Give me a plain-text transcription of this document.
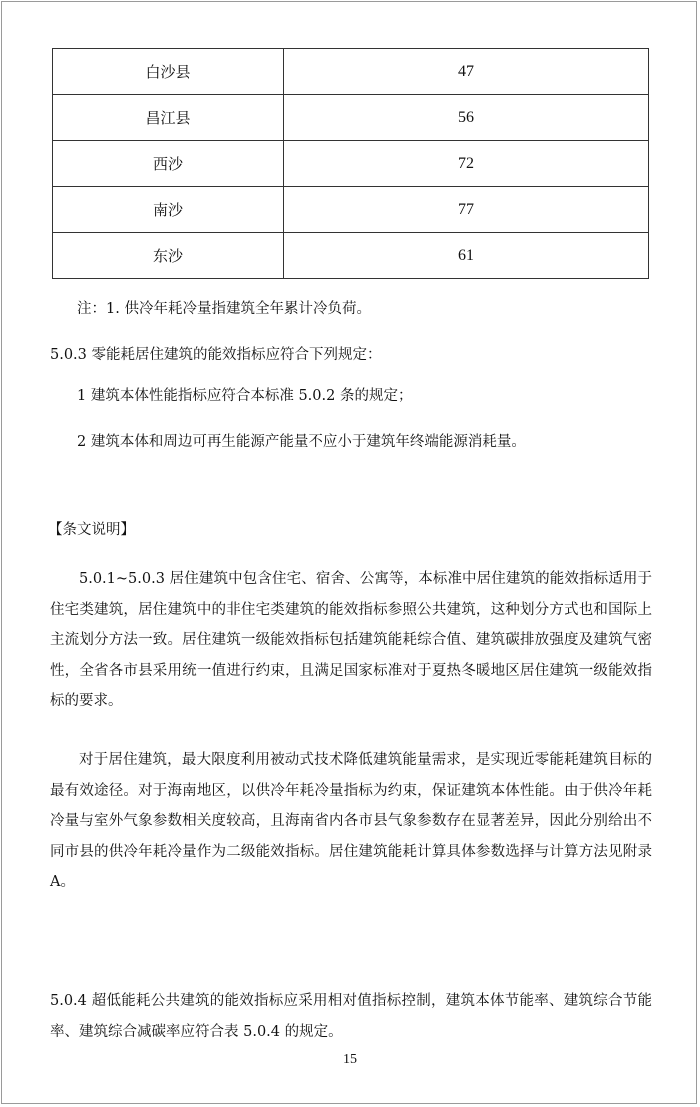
白沙县	47
昌江县	56
西沙	72
南沙	77
东沙	61
注：1. 供冷年耗冷量指建筑全年累计冷负荷。
5.0.3 零能耗居住建筑的能效指标应符合下列规定：
1 建筑本体性能指标应符合本标准 5.0.2 条的规定；
2 建筑本体和周边可再生能源产能量不应小于建筑年终端能源消耗量。
【条文说明】
5.0.1~5.0.3 居住建筑中包含住宅、宿舍、公寓等，本标准中居住建筑的能效指标适用于住宅类建筑，居住建筑中的非住宅类建筑的能效指标参照公共建筑，这种划分方式也和国际上主流划分方法一致。居住建筑一级能效指标包括建筑能耗综合值、建筑碳排放强度及建筑气密性，全省各市县采用统一值进行约束，且满足国家标准对于夏热冬暖地区居住建筑一级能效指标的要求。
对于居住建筑，最大限度利用被动式技术降低建筑能量需求，是实现近零能耗建筑目标的最有效途径。对于海南地区，以供冷年耗冷量指标为约束，保证建筑本体性能。由于供冷年耗冷量与室外气象参数相关度较高，且海南省内各市县气象参数存在显著差异，因此分别给出不同市县的供冷年耗冷量作为二级能效指标。居住建筑能耗计算具体参数选择与计算方法见附录 A。
5.0.4 超低能耗公共建筑的能效指标应采用相对值指标控制，建筑本体节能率、建筑综合节能率、建筑综合减碳率应符合表 5.0.4 的规定。
15
